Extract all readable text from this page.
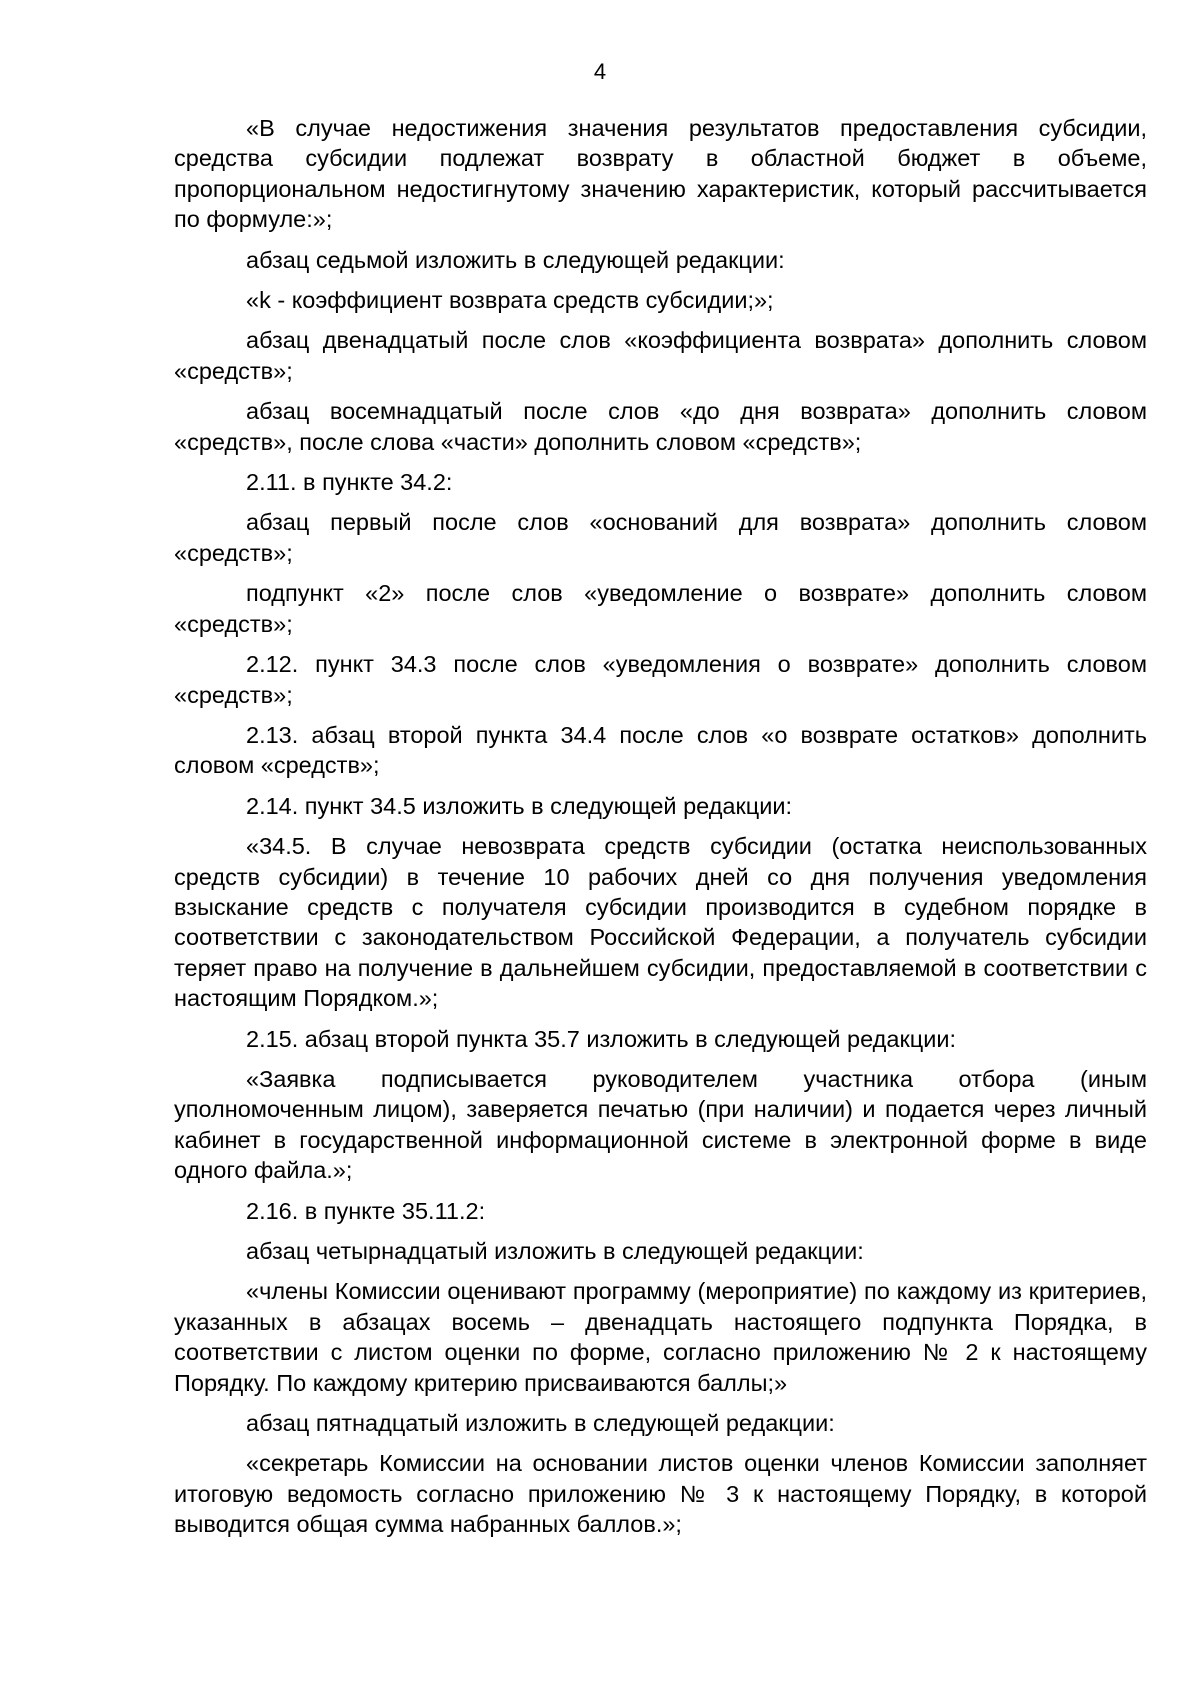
4

«В случае недостижения значения результатов предоставления субсидии, средства субсидии подлежат возврату в областной бюджет в объеме, пропорциональном недостигнутому значению характеристик, который рассчитывается по формуле:»;

абзац седьмой изложить в следующей редакции:

«k - коэффициент возврата средств субсидии;»;

абзац двенадцатый после слов «коэффициента возврата» дополнить словом «средств»;

абзац восемнадцатый после слов «до дня возврата» дополнить словом «средств», после слова «части» дополнить словом «средств»;

2.11. в пункте 34.2:

абзац первый после слов «оснований для возврата» дополнить словом «средств»;

подпункт «2» после слов «уведомление о возврате» дополнить словом «средств»;

2.12. пункт 34.3 после слов «уведомления о возврате» дополнить словом «средств»;

2.13. абзац второй пункта 34.4 после слов «о возврате остатков» дополнить словом «средств»;

2.14. пункт 34.5 изложить в следующей редакции:

«34.5. В случае невозврата средств субсидии (остатка неиспользованных средств субсидии) в течение 10 рабочих дней со дня получения уведомления взыскание средств с получателя субсидии производится в судебном порядке в соответствии с законодательством Российской Федерации, а получатель субсидии теряет право на получение в дальнейшем субсидии, предоставляемой в соответствии с настоящим Порядком.»;

2.15. абзац второй пункта 35.7 изложить в следующей редакции:

«Заявка подписывается руководителем участника отбора (иным уполномоченным лицом), заверяется печатью (при наличии) и подается через личный кабинет в государственной информационной системе в электронной форме в виде одного файла.»;

2.16. в пункте 35.11.2:

абзац четырнадцатый изложить в следующей редакции:

«члены Комиссии оценивают программу (мероприятие) по каждому из критериев, указанных в абзацах восемь – двенадцать настоящего подпункта Порядка, в соответствии с листом оценки по форме, согласно приложению № 2 к настоящему Порядку. По каждому критерию присваиваются баллы;»

абзац пятнадцатый изложить в следующей редакции:

«секретарь Комиссии на основании листов оценки членов Комиссии заполняет итоговую ведомость согласно приложению № 3 к настоящему Порядку, в которой выводится общая сумма набранных баллов.»;
